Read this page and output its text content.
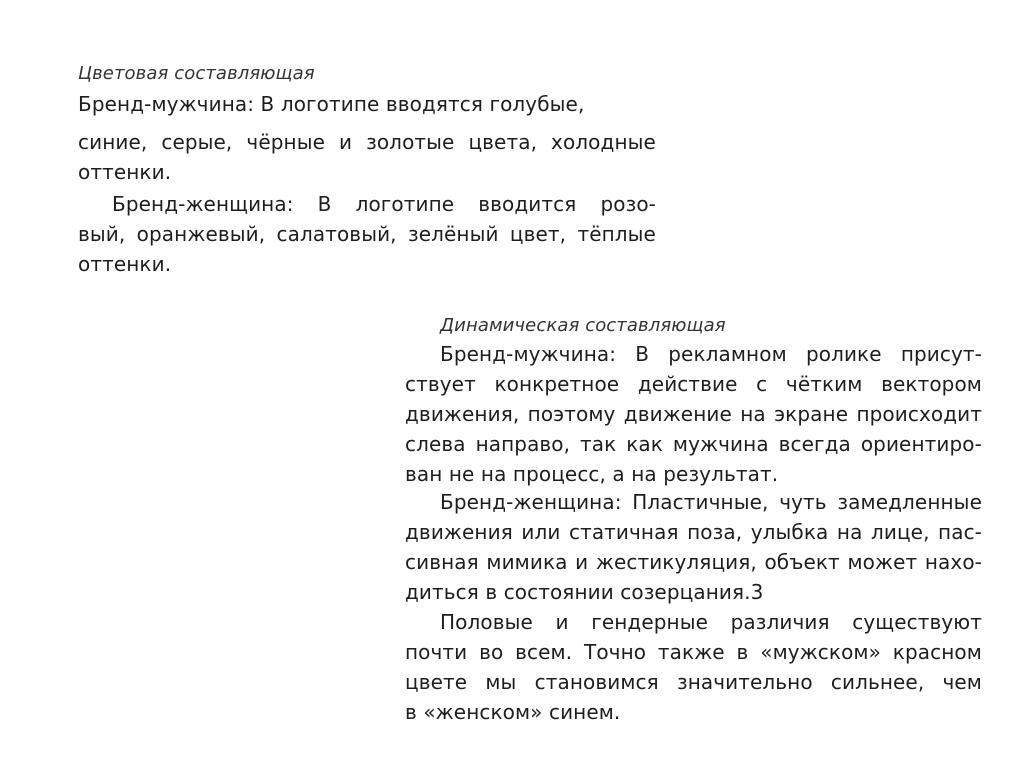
Цветовая составляющая
Бренд-мужчина: В логотипе вводятся голубые,
синие, серые, чёрные и золотые цвета, холодные
оттенки.
Бренд-женщина: В логотипе вводится розо-
вый, оранжевый, салатовый, зелёный цвет, тёплые
оттенки.
Динамическая составляющая
Бренд-мужчина: В рекламном ролике присут-
ствует конкретное действие с чётким вектором
движения, поэтому движение на экране происходит
слева направо, так как мужчина всегда ориентиро-
ван не на процесс, а на результат.
Бренд-женщина: Пластичные, чуть замедленные
движения или статичная поза, улыбка на лице, пас-
сивная мимика и жестикуляция, объект может нахо-
диться в состоянии созерцания.3
Половые и гендерные различия существуют
почти во всем. Точно также в «мужском» красном
цвете мы становимся значительно сильнее, чем
в «женском» синем.
